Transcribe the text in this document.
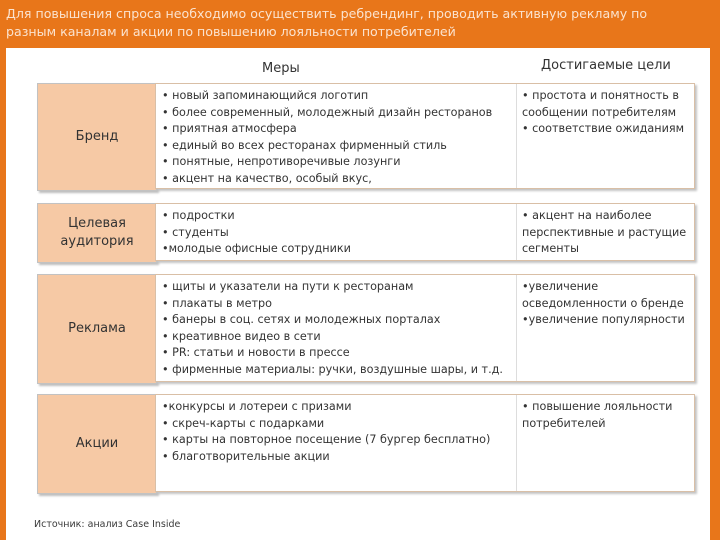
Для повышения спроса необходимо осуществить ребрендинг, проводить активную рекламу по
разным каналам и акции по повышению лояльности потребителей
Меры	Достигаемые цели
Бренд
• новый запоминающийся логотип
• более современный, молодежный дизайн ресторанов
• приятная атмосфера
• единый во всех ресторанах фирменный стиль
• понятные, непротиворечивые лозунги
• акцент на качество, особый вкус,
• простота и понятность в сообщении потребителям
• соответствие ожиданиям
Целевая аудитория
• подростки
• студенты
•молодые офисные сотрудники
• акцент на наиболее перспективные и растущие сегменты
Реклама
• щиты и указатели на пути к ресторанам
• плакаты в метро
• банеры в соц. сетях и молодежных порталах
• креативное видео в сети
• PR: статьи и новости в прессе
• фирменные материалы: ручки, воздушные шары, и т.д.
•увеличение осведомленности о бренде
•увеличение популярности
Акции
•конкурсы и лотереи с призами
• скреч-карты с подарками
• карты на повторное посещение (7 бургер бесплатно)
• благотворительные акции
• повышение лояльности потребителей
Источник: анализ Case Inside
